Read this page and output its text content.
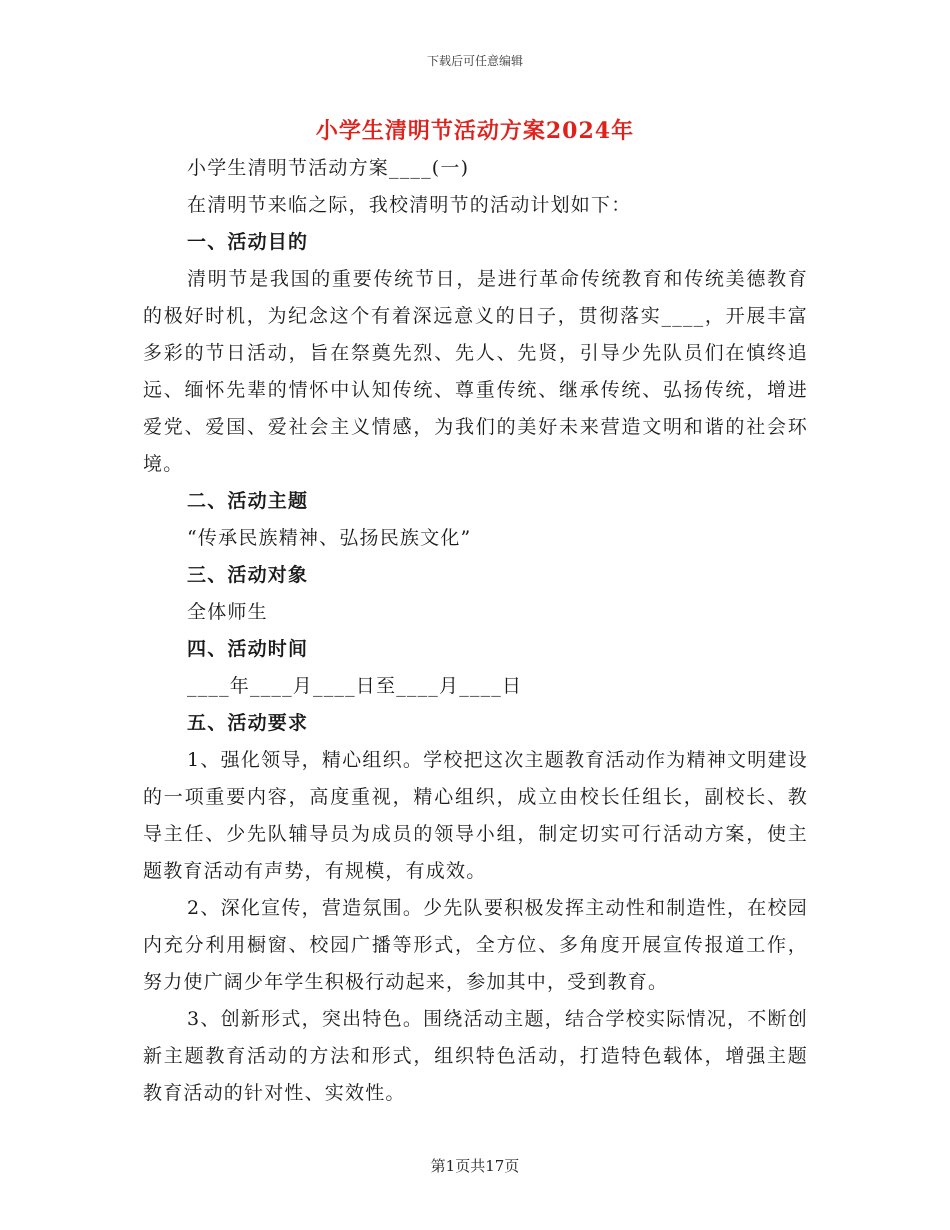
下载后可任意编辑
小学生清明节活动方案2024年

小学生清明节活动方案____(一)

在清明节来临之际，我校清明节的活动计划如下：

一、活动目的

清明节是我国的重要传统节日，是进行革命传统教育和传统美德教育的极好时机，为纪念这个有着深远意义的日子，贯彻落实____，开展丰富多彩的节日活动，旨在祭奠先烈、先人、先贤，引导少先队员们在慎终追远、缅怀先辈的情怀中认知传统、尊重传统、继承传统、弘扬传统，增进爱党、爱国、爱社会主义情感，为我们的美好未来营造文明和谐的社会环境。

二、活动主题

“传承民族精神、弘扬民族文化”

三、活动对象

全体师生

四、活动时间

____年____月____日至____月____日

五、活动要求

1、强化领导，精心组织。学校把这次主题教育活动作为精神文明建设的一项重要内容，高度重视，精心组织，成立由校长任组长，副校长、教导主任、少先队辅导员为成员的领导小组，制定切实可行活动方案，使主题教育活动有声势，有规模，有成效。

2、深化宣传，营造氛围。少先队要积极发挥主动性和制造性，在校园内充分利用橱窗、校园广播等形式，全方位、多角度开展宣传报道工作，努力使广阔少年学生积极行动起来，参加其中，受到教育。

3、创新形式，突出特色。围绕活动主题，结合学校实际情况，不断创新主题教育活动的方法和形式，组织特色活动，打造特色载体，增强主题教育活动的针对性、实效性。

第1页共17页
